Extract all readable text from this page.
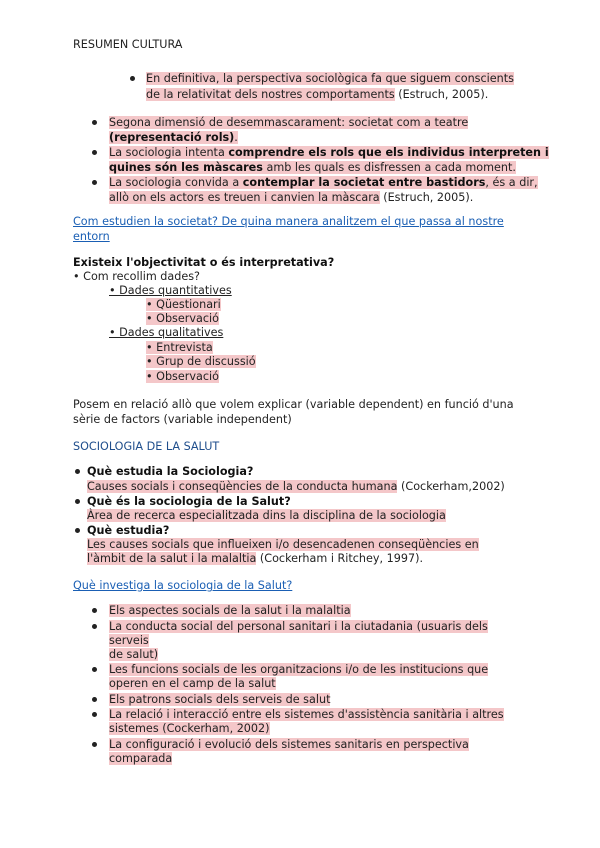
RESUMEN CULTURA
En definitiva, la perspectiva sociològica fa que siguem conscients
de la relativitat dels nostres comportaments (Estruch, 2005).
Segona dimensió de desemmascarament: societat com a teatre
(representació rols).
La sociologia intenta comprendre els rols que els individus interpreten i
quines són les màscares amb les quals es disfressen a cada moment.
La sociologia convida a contemplar la societat entre bastidors, és a dir,
allò on els actors es treuen i canvien la màscara (Estruch, 2005).
Com estudien la societat? De quina manera analitzem el que passa al nostre
entorn
Existeix l'objectivitat o és interpretativa?
• Com recollim dades?
• Dades quantitatives
• Qüestionari
• Observació
• Dades qualitatives
• Entrevista
• Grup de discussió
• Observació
Posem en relació allò que volem explicar (variable dependent) en funció d'una
sèrie de factors (variable independent)
SOCIOLOGIA DE LA SALUT
Què estudia la Sociologia?
Causes socials i conseqüències de la conducta humana (Cockerham,2002)
Què és la sociologia de la Salut?
Àrea de recerca especialitzada dins la disciplina de la sociologia
Què estudia?
Les causes socials que influeixen i/o desencadenen conseqüències en
l'àmbit de la salut i la malaltia (Cockerham i Ritchey, 1997).
Què investiga la sociologia de la Salut?
Els aspectes socials de la salut i la malaltia
La conducta social del personal sanitari i la ciutadania (usuaris dels
serveis
de salut)
Les funcions socials de les organitzacions i/o de les institucions que
operen en el camp de la salut
Els patrons socials dels serveis de salut
La relació i interacció entre els sistemes d'assistència sanitària i altres
sistemes (Cockerham, 2002)
La configuració i evolució dels sistemes sanitaris en perspectiva
comparada
